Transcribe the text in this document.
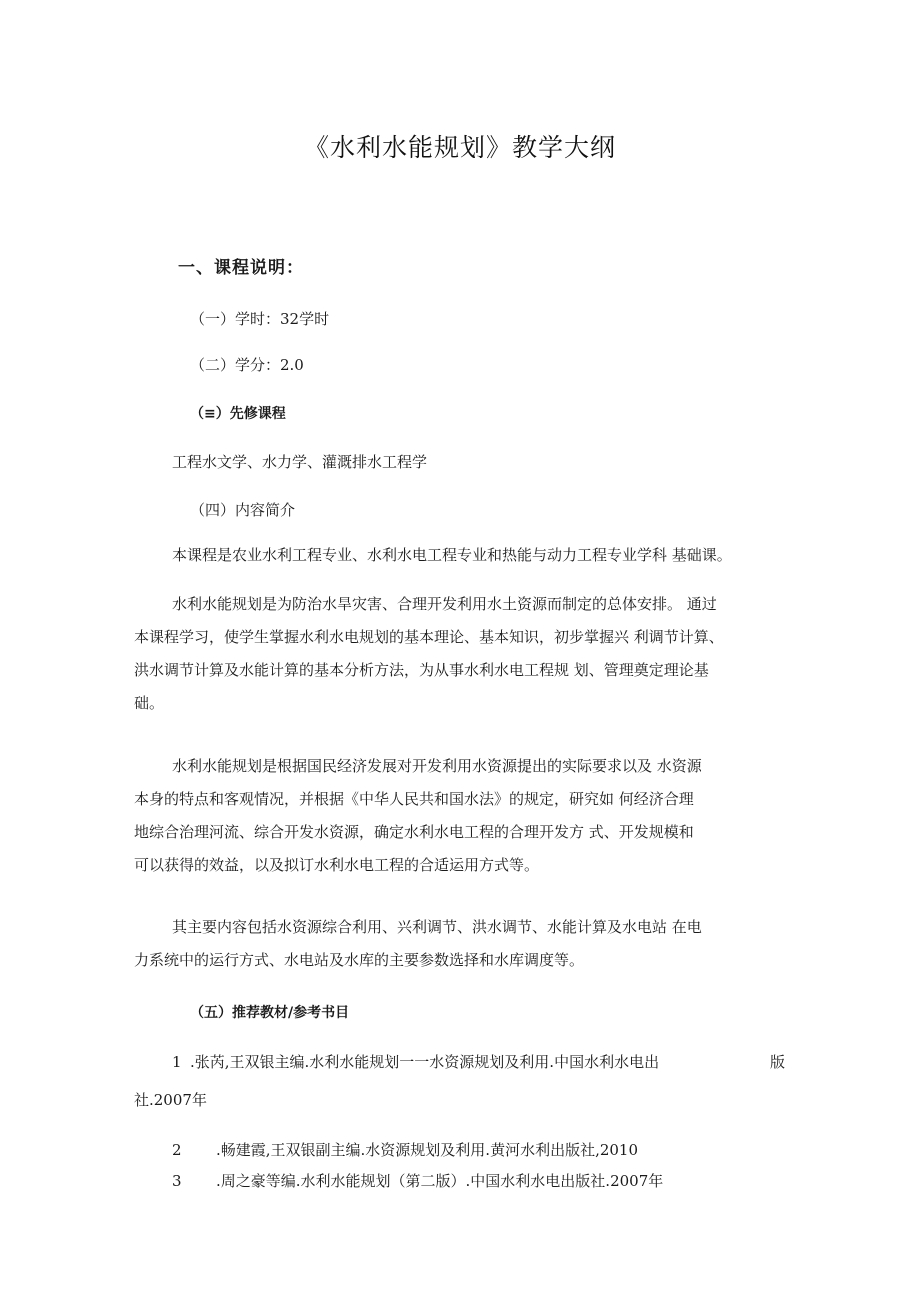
《水利水能规划》教学大纲
一、课程说明：
（一）学时：32学时
（二）学分：2.0
（≡）先修课程
工程水文学、水力学、灌溉排水工程学
（四）内容简介
本课程是农业水利工程专业、水利水电工程专业和热能与动力工程专业学科 基础课。
水利水能规划是为防治水旱灾害、合理开发利用水土资源而制定的总体安排。 通过
本课程学习，使学生掌握水利水电规划的基本理论、基本知识，初步掌握兴 利调节计算、
洪水调节计算及水能计算的基本分析方法，为从事水利水电工程规 划、管理奠定理论基
础。
水利水能规划是根据国民经济发展对开发利用水资源提出的实际要求以及 水资源
本身的特点和客观情况，并根据《中华人民共和国水法》的规定，研究如 何经济合理
地综合治理河流、综合开发水资源，确定水利水电工程的合理开发方 式、开发规模和
可以获得的效益，以及拟订水利水电工程的合适运用方式等。
其主要内容包括水资源综合利用、兴利调节、洪水调节、水能计算及水电站 在电
力系统中的运行方式、水电站及水库的主要参数选择和水库调度等。
（五）推荐教材/参考书目
1 .张芮,王双银主编.水利水能规划一一水资源规划及利用.中国水利水电出	版
社.2007年
2 .畅建霞,王双银副主编.水资源规划及利用.黄河水利出版社,2010
3 .周之豪等编.水利水能规划（第二版）.中国水利水电出版社.2007年
